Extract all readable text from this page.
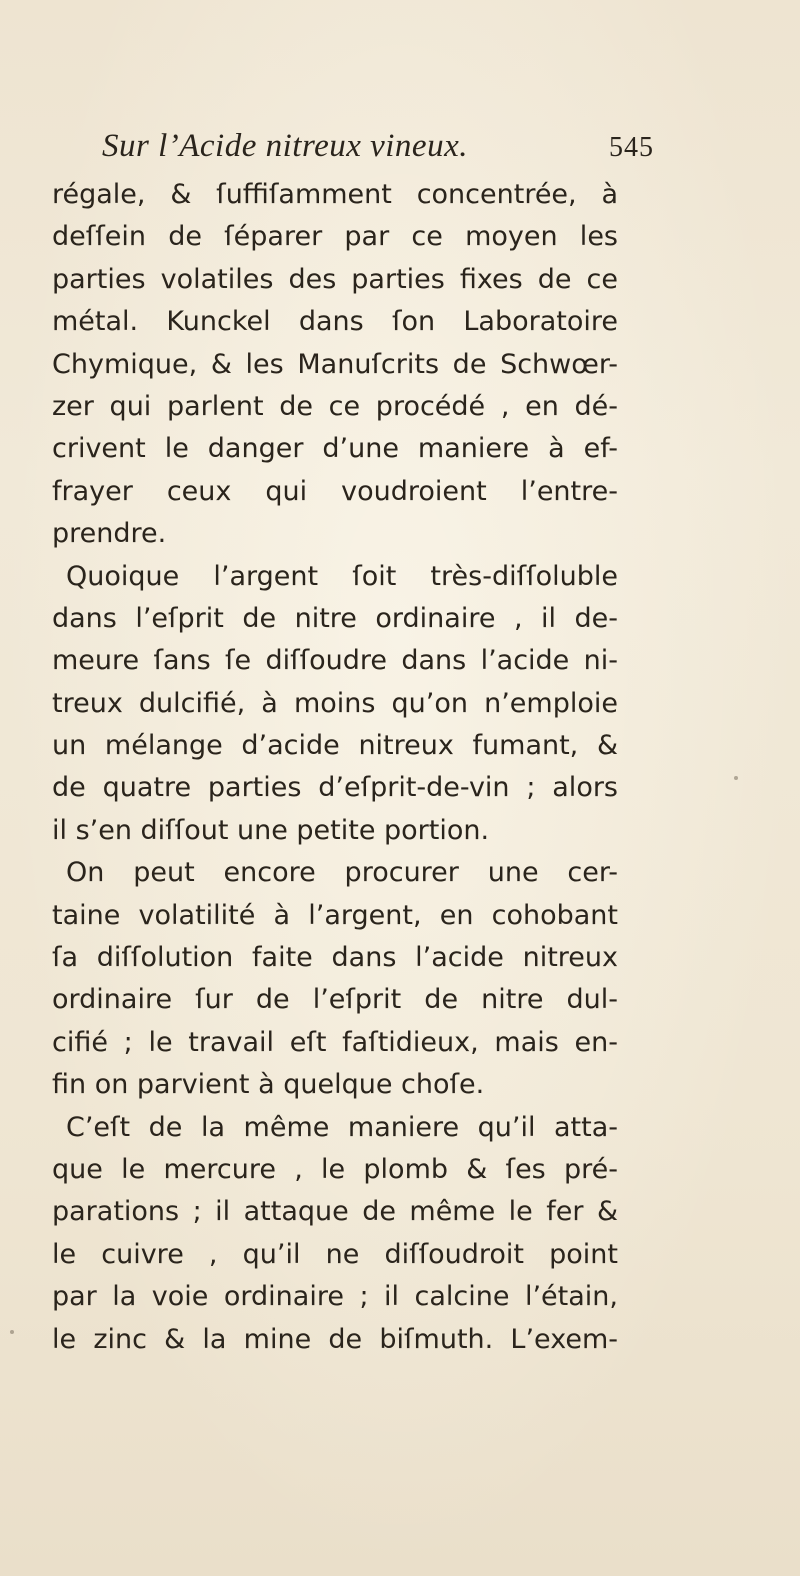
Sur l’Acide nitreux vineux.	545
régale, & ſuffiſamment concentrée, à
deſſein de ſéparer par ce moyen les
parties volatiles des parties fixes de ce
métal. Kunckel dans ſon Laboratoire
Chymique, & les Manuſcrits de Schwœr-
zer qui parlent de ce procédé , en dé-
crivent le danger d’une maniere à ef-
frayer ceux qui voudroient l’entre-
prendre.
Quoique l’argent ſoit très-diſſoluble
dans l’eſprit de nitre ordinaire , il de-
meure ſans ſe diſſoudre dans l’acide ni-
treux dulcifié, à moins qu’on n’emploie
un mélange d’acide nitreux fumant, &
de quatre parties d’eſprit-de-vin ; alors
il s’en diſſout une petite portion.
On peut encore procurer une cer-
taine volatilité à l’argent, en cohobant
ſa diſſolution faite dans l’acide nitreux
ordinaire ſur de l’eſprit de nitre dul-
cifié ; le travail eſt faſtidieux, mais en-
fin on parvient à quelque choſe.
C’eſt de la même maniere qu’il atta-
que le mercure , le plomb & ſes pré-
parations ; il attaque de même le fer &
le cuivre , qu’il ne diſſoudroit point
par la voie ordinaire ; il calcine l’étain,
le zinc & la mine de biſmuth. L’exem-
